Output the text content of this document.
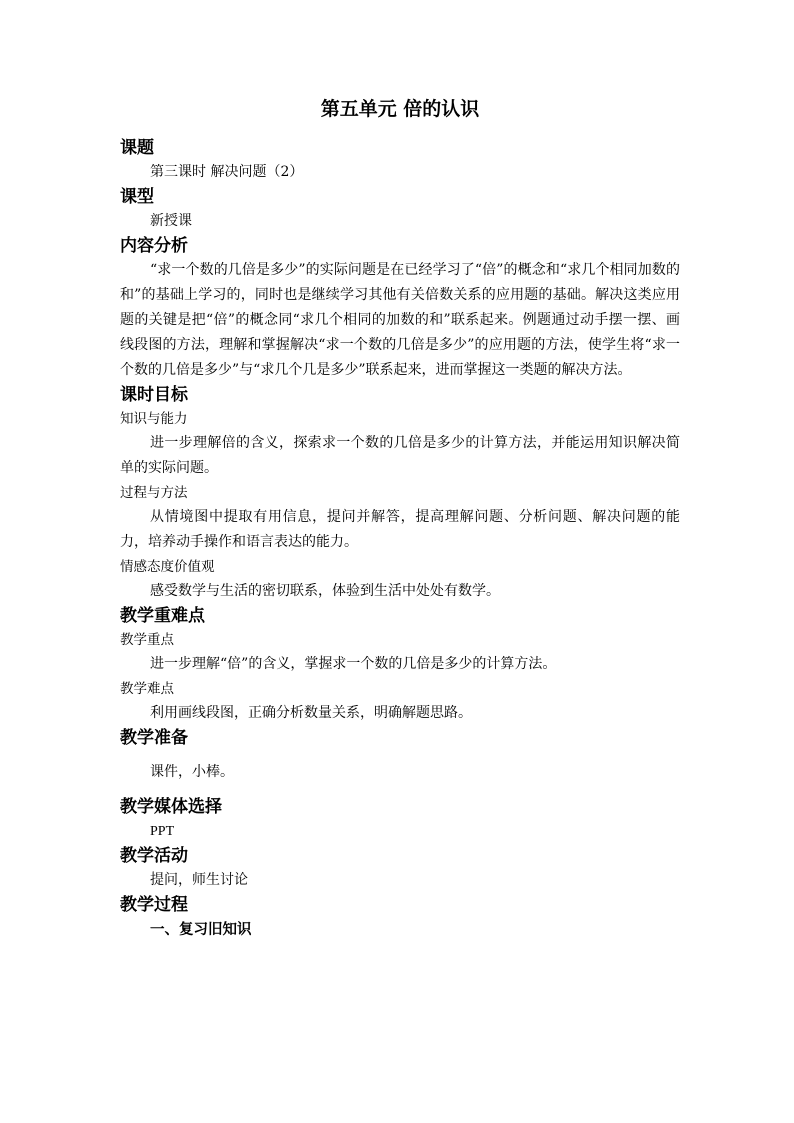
第五单元 倍的认识

课题

第三课时 解决问题（2）

课型

新授课

内容分析

“求一个数的几倍是多少”的实际问题是在已经学习了“倍”的概念和“求几个相同加数的和”的基础上学习的，同时也是继续学习其他有关倍数关系的应用题的基础。解决这类应用题的关键是把“倍”的概念同“求几个相同的加数的和”联系起来。例题通过动手摆一摆、画线段图的方法，理解和掌握解决“求一个数的几倍是多少”的应用题的方法，使学生将“求一个数的几倍是多少”与“求几个几是多少”联系起来，进而掌握这一类题的解决方法。

课时目标

知识与能力

进一步理解倍的含义，探索求一个数的几倍是多少的计算方法，并能运用知识解决简单的实际问题。

过程与方法

从情境图中提取有用信息，提问并解答，提高理解问题、分析问题、解决问题的能力，培养动手操作和语言表达的能力。

情感态度价值观

感受数学与生活的密切联系，体验到生活中处处有数学。

教学重难点

教学重点

进一步理解“倍”的含义，掌握求一个数的几倍是多少的计算方法。

教学难点

利用画线段图，正确分析数量关系，明确解题思路。

教学准备

课件，小棒。

教学媒体选择

PPT

教学活动

提问，师生讨论

教学过程

一、复习旧知识
